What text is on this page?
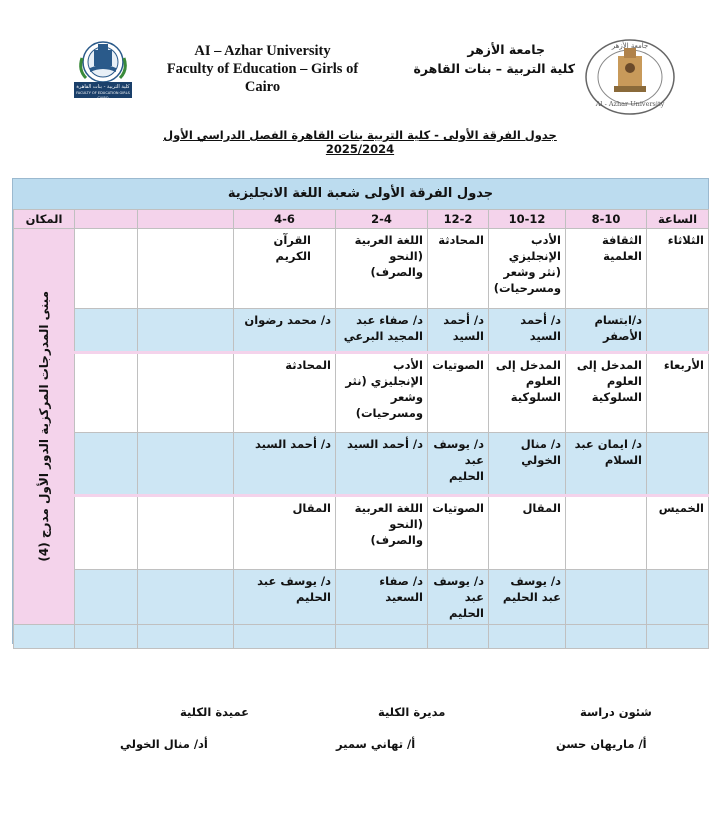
كلية التربية - بنات القاهرة
FACULTY OF EDUCATION GIRLS CAIRO
AI – Azhar University
Faculty of Education – Girls of
Cairo
جامعة الأزهر
كلية التربية – بنات القاهرة
جامعة الأزهر
Al - Azhar University
جدول الفرقة الأولى - كلية التربية بنات القاهرة الفصل الدراسي الأول 2025/2024
جدول الفرقة الأولى شعبة اللغة الانجليزية
الساعة	8-10	10-12	12-2	2-4	4-6			المكان
الثلاثاء	الثقافة العلمية	الأدب الإنجليزي (نثر وشعر ومسرحيات)	المحادثة	اللغة العربية (النحو والصرف)	القرآن الكريم			مبنى المدرجات المركزية الدور الأول مدرج (4)

	د/ابتسام الأصفر	د/ أحمد السيد	د/ أحمد السيد	د/ صفاء عبد المجيد البرعي	د/ محمد رضوان			
الأربعاء	المدخل إلى العلوم السلوكية	المدخل إلى العلوم السلوكية	الصوتيات	الأدب الإنجليزي (نثر وشعر ومسرحيات)	المحادثة			
	د/ ايمان عبد السلام	د/ منال الخولي	د/ يوسف عبد الحليم	د/ أحمد السيد	د/ أحمد السيد			
الخميس		المقال	الصوتيات	اللغة العربية (النحو والصرف)	المقال			
		د/ يوسف عبد الحليم	د/ يوسف عبد الحليم	د/ صفاء السعيد	د/ يوسف عبد الحليم			

شئون دراسة
أ/ ماريهان حسن
مديرة الكلية
أ/ تهاني سمير
عميدة الكلية
أد/ منال الخولي
